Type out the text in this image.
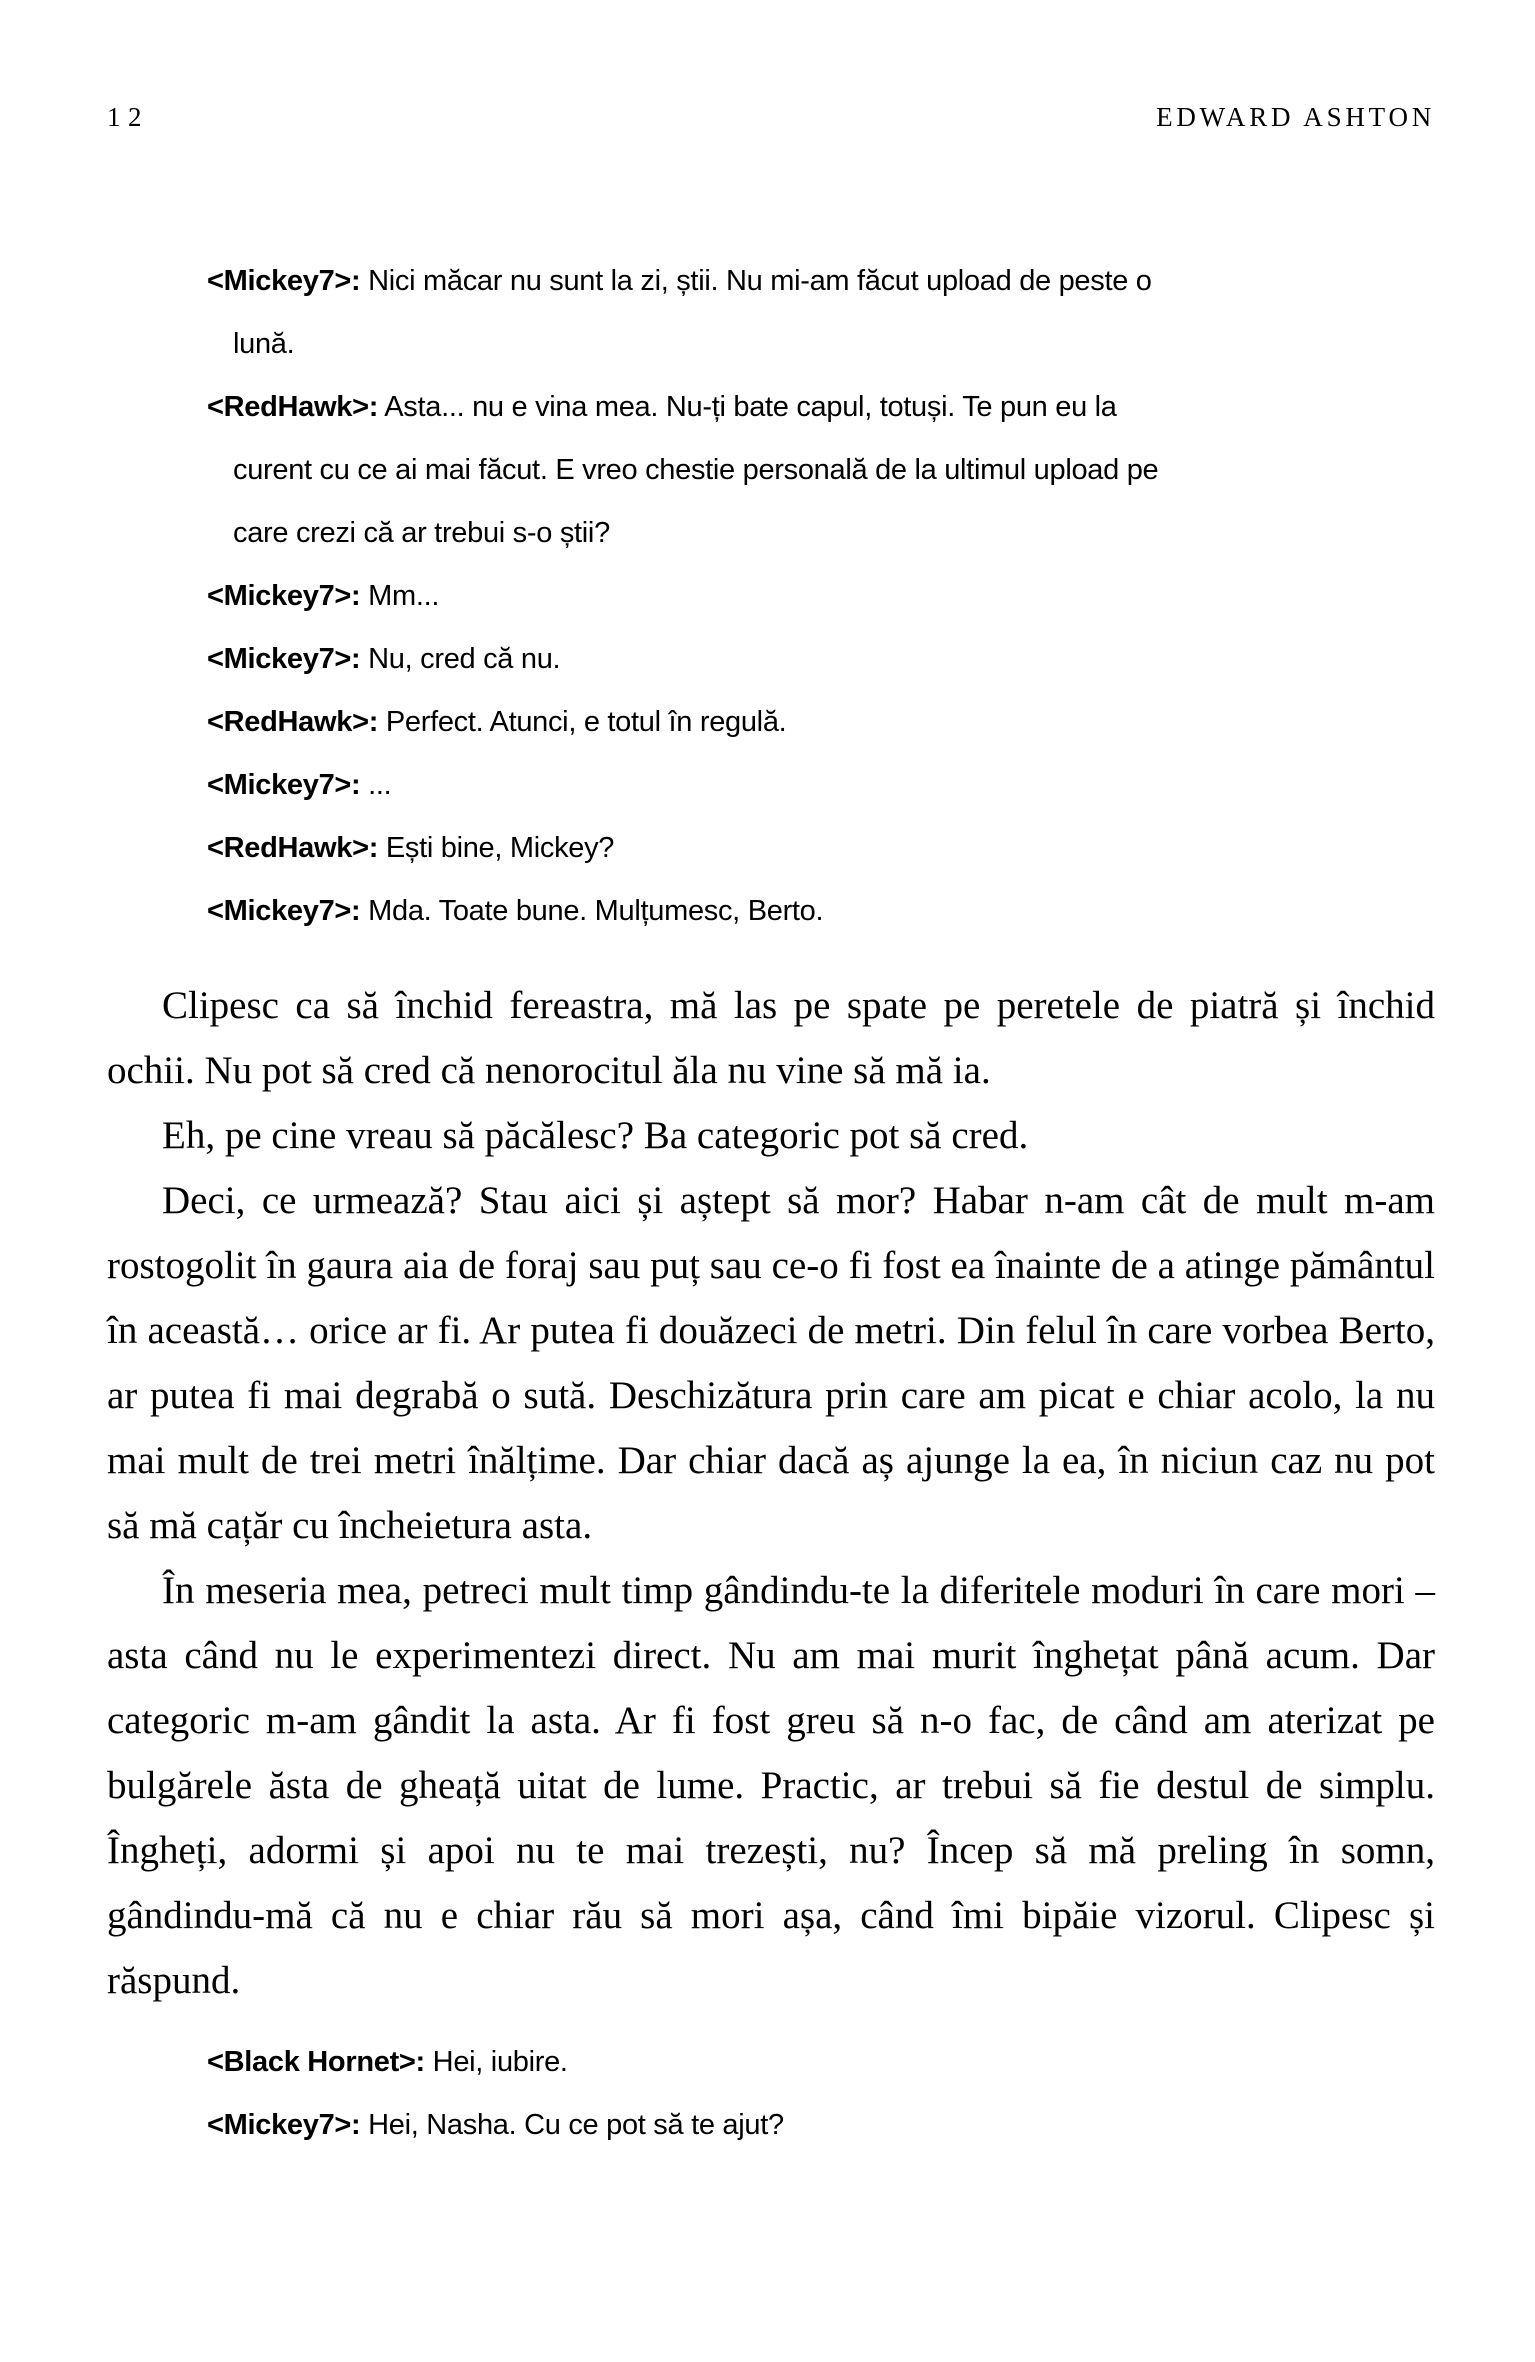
12	EDWARD ASHTON

<Mickey7>: Nici măcar nu sunt la zi, știi. Nu mi-am făcut upload de peste o lună.

<RedHawk>: Asta... nu e vina mea. Nu-ți bate capul, totuși. Te pun eu la curent cu ce ai mai făcut. E vreo chestie personală de la ultimul upload pe care crezi că ar trebui s-o știi?

<Mickey7>: Mm...

<Mickey7>: Nu, cred că nu.

<RedHawk>: Perfect. Atunci, e totul în regulă.

<Mickey7>: ...

<RedHawk>: Ești bine, Mickey?

<Mickey7>: Mda. Toate bune. Mulțumesc, Berto.

Clipesc ca să închid fereastra, mă las pe spate pe peretele de piatră și închid ochii. Nu pot să cred că nenorocitul ăla nu vine să mă ia.

Eh, pe cine vreau să păcălesc? Ba categoric pot să cred.

Deci, ce urmează? Stau aici și aștept să mor? Habar n-am cât de mult m-am rostogolit în gaura aia de foraj sau puț sau ce-o fi fost ea înainte de a atinge pământul în această… orice ar fi. Ar putea fi douăzeci de metri. Din felul în care vorbea Berto, ar putea fi mai degrabă o sută. Deschizătura prin care am picat e chiar acolo, la nu mai mult de trei metri înălțime. Dar chiar dacă aș ajunge la ea, în niciun caz nu pot să mă cațăr cu încheietura asta.

În meseria mea, petreci mult timp gândindu-te la diferitele moduri în care mori – asta când nu le experimentezi direct. Nu am mai murit înghețat până acum. Dar categoric m-am gândit la asta. Ar fi fost greu să n-o fac, de când am aterizat pe bulgărele ăsta de gheață uitat de lume. Practic, ar trebui să fie destul de simplu. Îngheți, adormi și apoi nu te mai trezești, nu? Încep să mă preling în somn, gândindu-mă că nu e chiar rău să mori așa, când îmi bipăie vizorul. Clipesc și răspund.

<Black Hornet>: Hei, iubire.

<Mickey7>: Hei, Nasha. Cu ce pot să te ajut?
